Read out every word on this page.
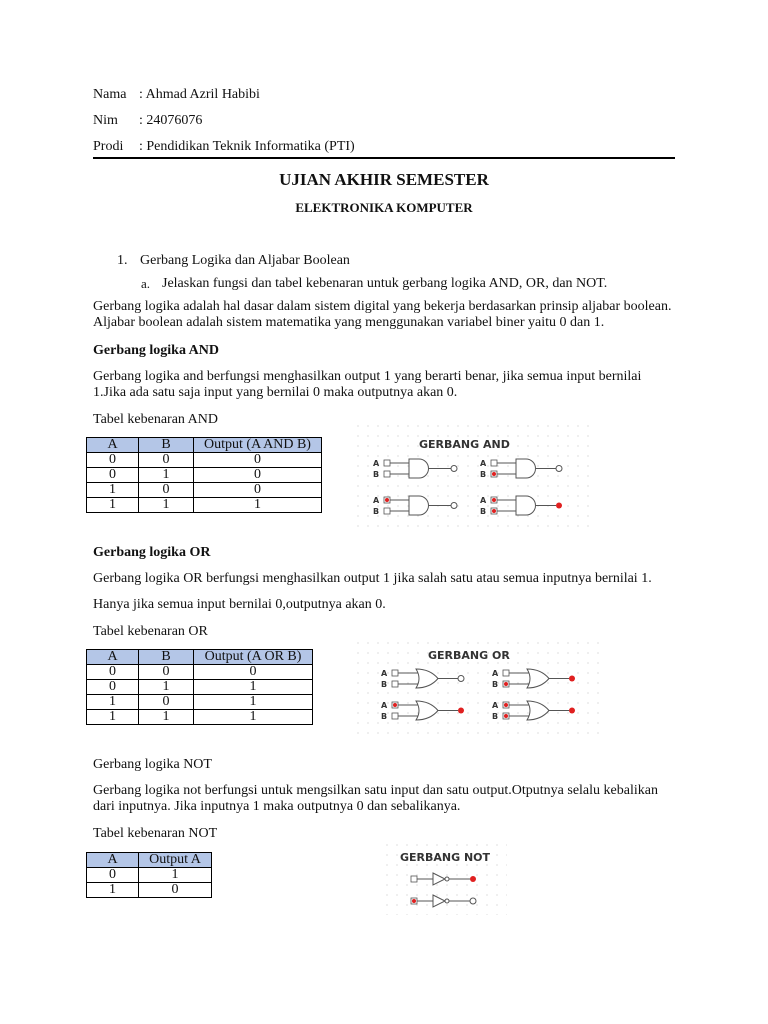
Nama : Ahmad Azril Habibi
Nim : 24076076
Prodi : Pendidikan Teknik Informatika (PTI)
UJIAN AKHIR SEMESTER
ELEKTRONIKA KOMPUTER
1. Gerbang Logika dan Aljabar Boolean
a. Jelaskan fungsi dan tabel kebenaran untuk gerbang logika AND, OR, dan NOT.
Gerbang logika adalah hal dasar dalam sistem digital yang bekerja berdasarkan prinsip aljabar boolean. Aljabar boolean adalah sistem matematika yang menggunakan variabel biner yaitu 0 dan 1.
Gerbang logika AND
Gerbang logika and berfungsi menghasilkan output 1 yang berarti benar, jika semua input bernilai 1.Jika ada satu saja input yang bernilai 0 maka outputnya akan 0.
Tabel kebenaran AND
A	B	Output (A AND B)
0	0	0
0	1	0
1	0	0
1	1	1
GERBANG AND
A
B
A
B
A
B
A
B
Gerbang logika OR
Gerbang logika OR berfungsi menghasilkan output 1 jika salah satu atau semua inputnya bernilai 1.
Hanya jika semua input bernilai 0,outputnya akan 0.
Tabel kebenaran OR
A	B	Output (A OR B)
0	0	0
0	1	1
1	0	1
1	1	1
GERBANG OR
A
B
A
B
A
B
A
B
Gerbang logika NOT
Gerbang logika not berfungsi untuk mengsilkan satu input dan satu output.Otputnya selalu kebalikan dari inputnya. Jika inputnya 1 maka outputnya 0 dan sebalikanya.
Tabel kebenaran NOT
A	Output A
0	1
1	0
GERBANG NOT
